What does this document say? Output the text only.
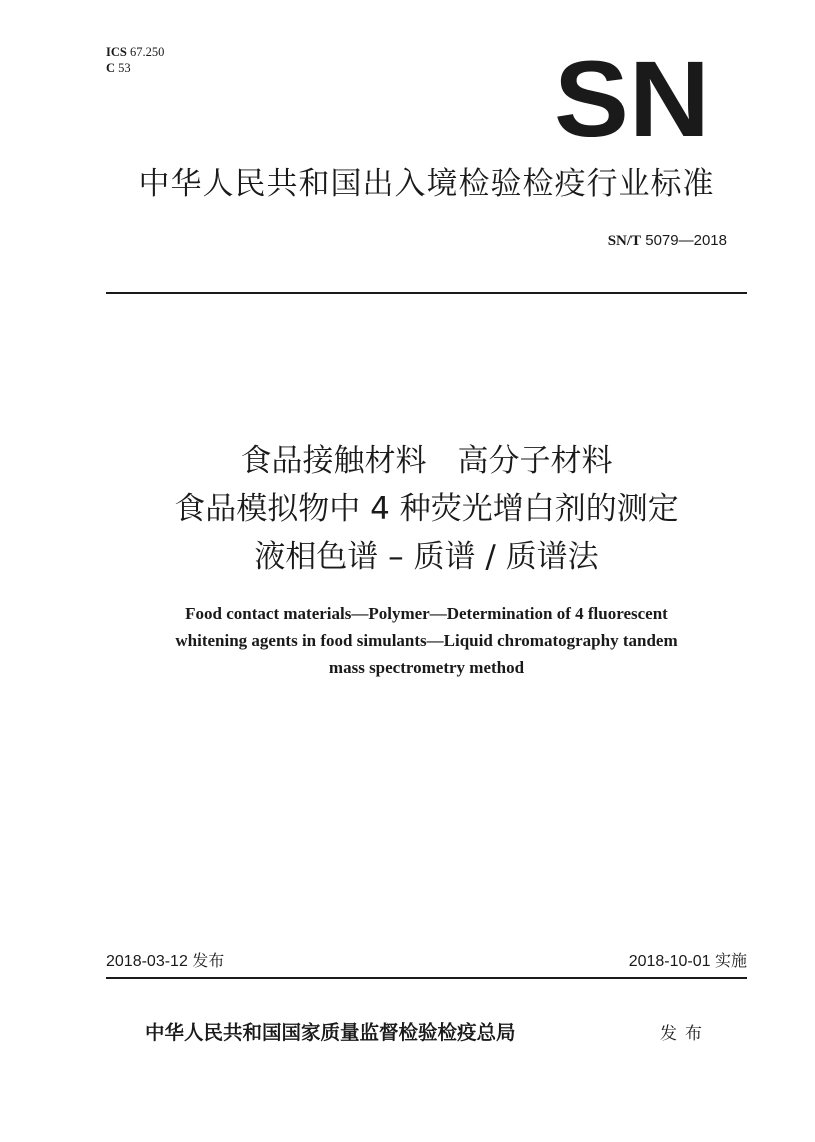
ICS 67.250
C 53	SN
中华人民共和国出入境检验检疫行业标准
SN/T 5079—2018
食品接触材料　高分子材料
食品模拟物中 4 种荧光增白剂的测定
液相色谱 – 质谱 / 质谱法
Food contact materials—Polymer—Determination of 4 fluorescent
whitening agents in food simulants—Liquid chromatography tandem
mass spectrometry method
2018-03-12 发布	2018-10-01 实施
中华人民共和国国家质量监督检验检疫总局	发布
